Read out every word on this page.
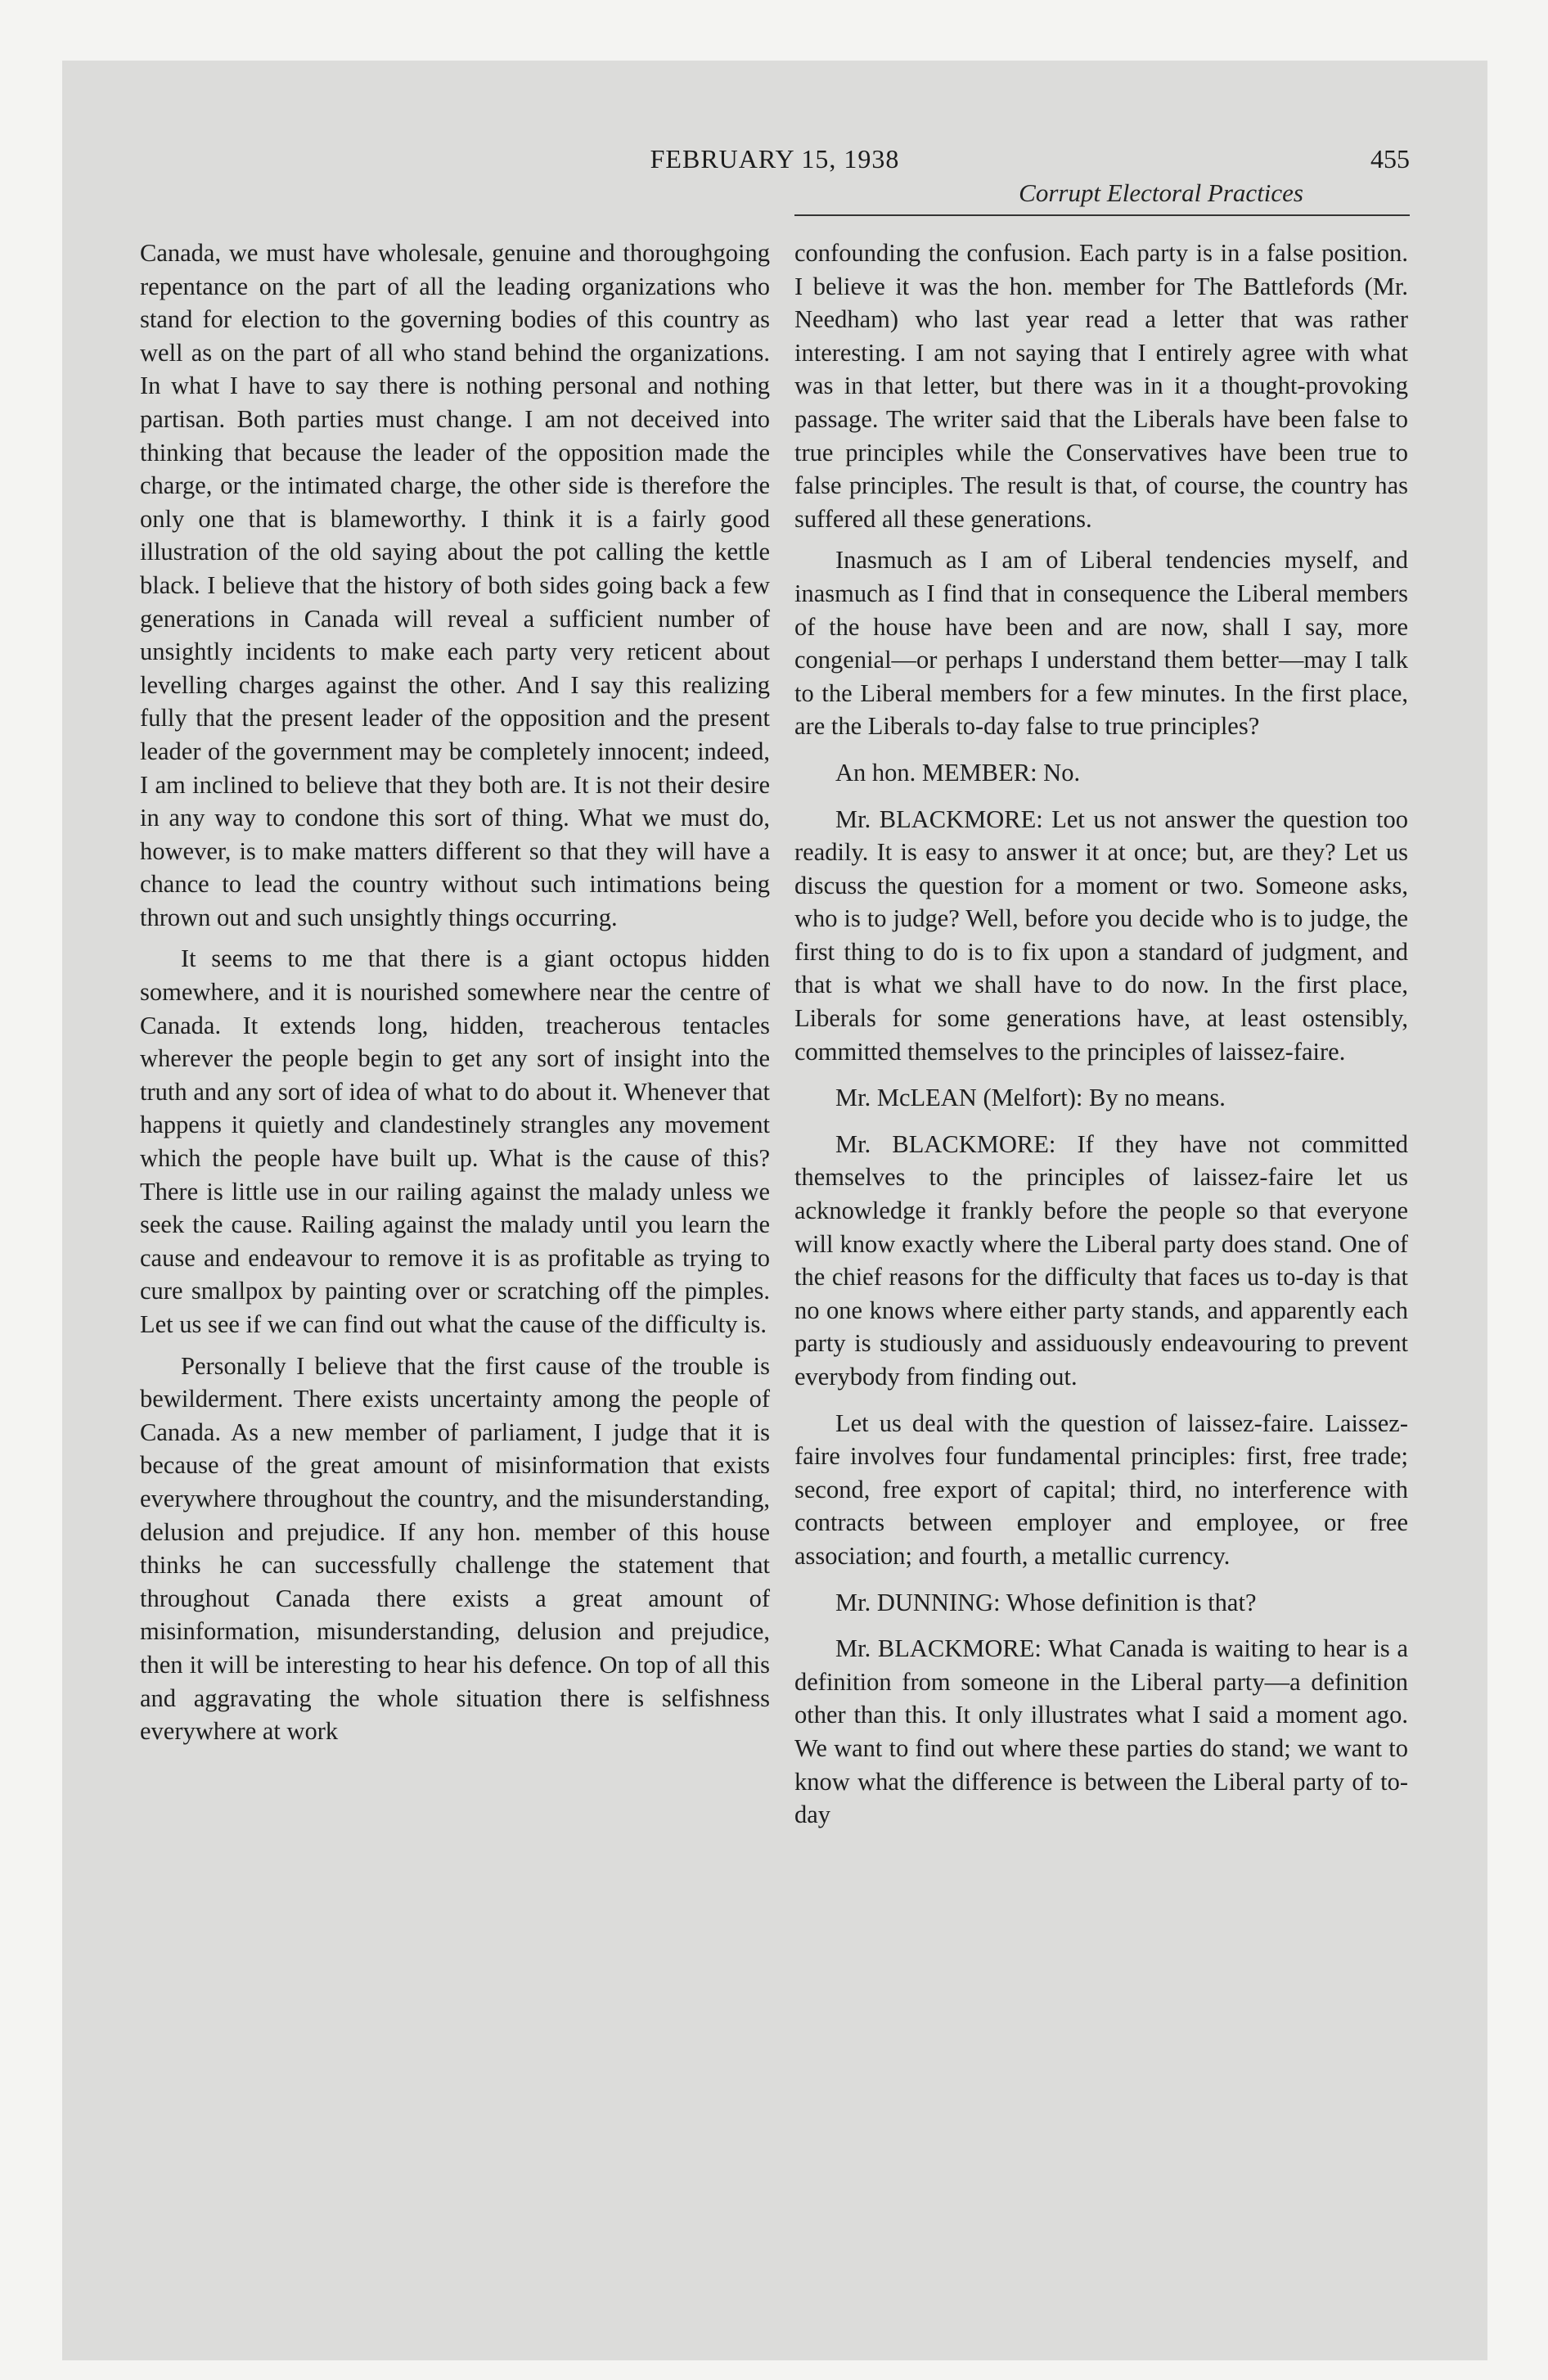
FEBRUARY 15, 1938	455
Corrupt Electoral Practices

Canada, we must have wholesale, genuine and thoroughgoing repentance on the part of all the leading organizations who stand for election to the governing bodies of this country as well as on the part of all who stand behind the organizations. In what I have to say there is nothing personal and nothing partisan. Both parties must change. I am not deceived into thinking that because the leader of the opposition made the charge, or the intimated charge, the other side is therefore the only one that is blameworthy. I think it is a fairly good illustration of the old saying about the pot calling the kettle black. I believe that the history of both sides going back a few generations in Canada will reveal a sufficient number of unsightly incidents to make each party very reticent about levelling charges against the other. And I say this realizing fully that the present leader of the opposition and the present leader of the government may be completely innocent; indeed, I am inclined to believe that they both are. It is not their desire in any way to condone this sort of thing. What we must do, however, is to make matters different so that they will have a chance to lead the country without such intimations being thrown out and such unsightly things occurring.

It seems to me that there is a giant octopus hidden somewhere, and it is nourished somewhere near the centre of Canada. It extends long, hidden, treacherous tentacles wherever the people begin to get any sort of insight into the truth and any sort of idea of what to do about it. Whenever that happens it quietly and clandestinely strangles any movement which the people have built up. What is the cause of this? There is little use in our railing against the malady unless we seek the cause. Railing against the malady until you learn the cause and endeavour to remove it is as profitable as trying to cure smallpox by painting over or scratching off the pimples. Let us see if we can find out what the cause of the difficulty is.

Personally I believe that the first cause of the trouble is bewilderment. There exists uncertainty among the people of Canada. As a new member of parliament, I judge that it is because of the great amount of misinformation that exists everywhere throughout the country, and the misunderstanding, delusion and prejudice. If any hon. member of this house thinks he can successfully challenge the statement that throughout Canada there exists a great amount of misinformation, misunderstanding, delusion and prejudice, then it will be interesting to hear his defence. On top of all this and aggravating the whole situation there is selfishness everywhere at work

confounding the confusion. Each party is in a false position. I believe it was the hon. member for The Battlefords (Mr. Needham) who last year read a letter that was rather interesting. I am not saying that I entirely agree with what was in that letter, but there was in it a thought-provoking passage. The writer said that the Liberals have been false to true principles while the Conservatives have been true to false principles. The result is that, of course, the country has suffered all these generations.

Inasmuch as I am of Liberal tendencies myself, and inasmuch as I find that in consequence the Liberal members of the house have been and are now, shall I say, more congenial—or perhaps I understand them better—may I talk to the Liberal members for a few minutes. In the first place, are the Liberals to-day false to true principles?

An hon. MEMBER: No.

Mr. BLACKMORE: Let us not answer the question too readily. It is easy to answer it at once; but, are they? Let us discuss the question for a moment or two. Someone asks, who is to judge? Well, before you decide who is to judge, the first thing to do is to fix upon a standard of judgment, and that is what we shall have to do now. In the first place, Liberals for some generations have, at least ostensibly, committed themselves to the principles of laissez-faire.

Mr. McLEAN (Melfort): By no means.

Mr. BLACKMORE: If they have not committed themselves to the principles of laissez-faire let us acknowledge it frankly before the people so that everyone will know exactly where the Liberal party does stand. One of the chief reasons for the difficulty that faces us to-day is that no one knows where either party stands, and apparently each party is studiously and assiduously endeavouring to prevent everybody from finding out.

Let us deal with the question of laissez-faire. Laissez-faire involves four fundamental principles: first, free trade; second, free export of capital; third, no interference with contracts between employer and employee, or free association; and fourth, a metallic currency.

Mr. DUNNING: Whose definition is that?

Mr. BLACKMORE: What Canada is waiting to hear is a definition from someone in the Liberal party—a definition other than this. It only illustrates what I said a moment ago. We want to find out where these parties do stand; we want to know what the difference is between the Liberal party of to-day
